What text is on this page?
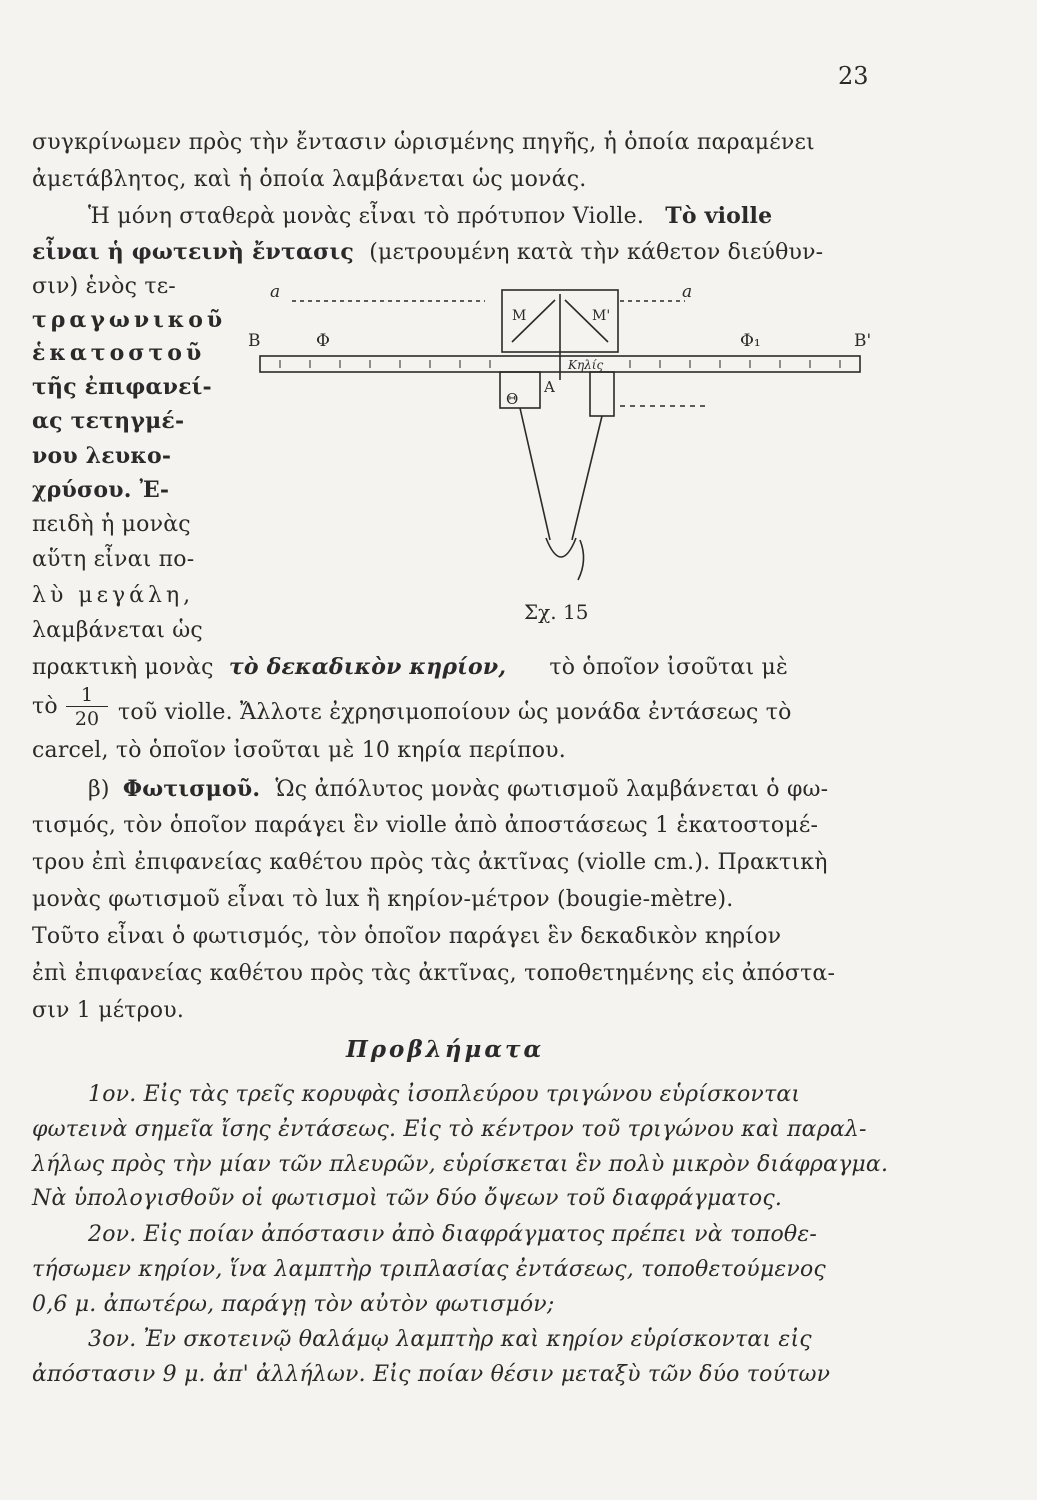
23
συγκρίνωμεν πρὸς τὴν ἔντασιν ὡρισμένης πηγῆς, ἡ ὁποία παραμένει
ἀμετάβλητος, καὶ ἡ ὁποία λαμβάνεται ὡς μονάς.
Ἡ μόνη σταθερὰ μονὰς εἶναι τὸ πρότυπον Violle. Τὸ violle
εἶναι ἡ φωτεινὴ ἔντασις (μετρουμένη κατὰ τὴν κάθετον διεύθυν-
σιν) ἑνὸς τε-
τραγωνικοῦ
ἑκατοστοῦ
τῆς ἐπιφανεί-
ας τετηγμέ-
νου λευκο-
χρύσου. Ἐ-
πειδὴ ἡ μονὰς
αὕτη εἶναι πο-
λὺ μεγάλη,
λαμβάνεται ὡς
a	a
Β	Β'
Φ	Φ₁
M	M'
Κηλίς
A
Θ
Σχ. 15
πρακτικὴ μονὰς τὸ δεκαδικὸν κηρίον, τὸ ὁποῖον ἰσοῦται μὲ
τὸ $\frac{1}{20}$ τοῦ violle. Ἄλλοτε ἐχρησιμοποίουν ὡς μονάδα ἐντάσεως τὸ
carcel, τὸ ὁποῖον ἰσοῦται μὲ 10 κηρία περίπου.
β) Φωτισμοῦ. Ὡς ἀπόλυτος μονὰς φωτισμοῦ λαμβάνεται ὁ φω-
τισμός, τὸν ὁποῖον παράγει ἓν violle ἀπὸ ἀποστάσεως 1 ἑκατοστομέ-
τρου ἐπὶ ἐπιφανείας καθέτου πρὸς τὰς ἀκτῖνας (violle cm.). Πρακτικὴ
μονὰς φωτισμοῦ εἶναι τὸ lux ἢ κηρίον-μέτρον (bougie-mètre).
Τοῦτο εἶναι ὁ φωτισμός, τὸν ὁποῖον παράγει ἓν δεκαδικὸν κηρίον
ἐπὶ ἐπιφανείας καθέτου πρὸς τὰς ἀκτῖνας, τοποθετημένης εἰς ἀπόστα-
σιν 1 μέτρου.
Προβλήματα
1ον. Εἰς τὰς τρεῖς κορυφὰς ἰσοπλεύρου τριγώνου εὑρίσκονται
φωτεινὰ σημεῖα ἴσης ἐντάσεως. Εἰς τὸ κέντρον τοῦ τριγώνου καὶ παραλ-
λήλως πρὸς τὴν μίαν τῶν πλευρῶν, εὑρίσκεται ἓν πολὺ μικρὸν διάφραγμα.
Νὰ ὑπολογισθοῦν οἱ φωτισμοὶ τῶν δύο ὄψεων τοῦ διαφράγματος.
2ον. Εἰς ποίαν ἀπόστασιν ἀπὸ διαφράγματος πρέπει νὰ τοποθε-
τήσωμεν κηρίον, ἵνα λαμπτὴρ τριπλασίας ἐντάσεως, τοποθετούμενος
0,6 μ. ἀπωτέρω, παράγῃ τὸν αὐτὸν φωτισμόν;
3ον. Ἐν σκοτεινῷ θαλάμῳ λαμπτὴρ καὶ κηρίον εὑρίσκονται εἰς
ἀπόστασιν 9 μ. ἀπ' ἀλλήλων. Εἰς ποίαν θέσιν μεταξὺ τῶν δύο τούτων
